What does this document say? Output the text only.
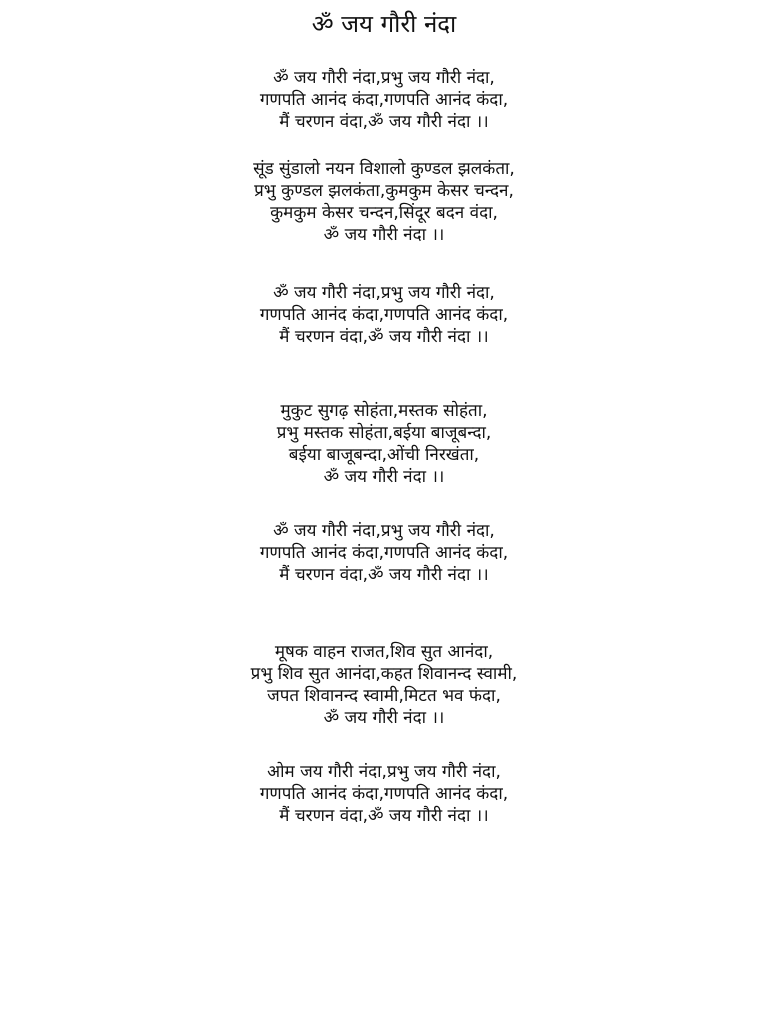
ॐ जय गौरी नंदा
ॐ जय गौरी नंदा,प्रभु जय गौरी नंदा,
गणपति आनंद कंदा,गणपति आनंद कंदा,
मैं चरणन वंदा,ॐ जय गौरी नंदा ।।
सूंड सुंडालो नयन विशालो कुण्डल झलकंता,
प्रभु कुण्डल झलकंता,कुमकुम केसर चन्दन,
कुमकुम केसर चन्दन,सिंदूर बदन वंदा,
ॐ जय गौरी नंदा ।।
ॐ जय गौरी नंदा,प्रभु जय गौरी नंदा,
गणपति आनंद कंदा,गणपति आनंद कंदा,
मैं चरणन वंदा,ॐ जय गौरी नंदा ।।
मुकुट सुगढ़ सोहंता,मस्तक सोहंता,
प्रभु मस्तक सोहंता,बईया बाजूबन्दा,
बईया बाजूबन्दा,ओंची निरखंता,
ॐ जय गौरी नंदा ।।
ॐ जय गौरी नंदा,प्रभु जय गौरी नंदा,
गणपति आनंद कंदा,गणपति आनंद कंदा,
मैं चरणन वंदा,ॐ जय गौरी नंदा ।।
मूषक वाहन राजत,शिव सुत आनंदा,
प्रभु शिव सुत आनंदा,कहत शिवानन्द स्वामी,
जपत शिवानन्द स्वामी,मिटत भव फंदा,
ॐ जय गौरी नंदा ।।
ओम जय गौरी नंदा,प्रभु जय गौरी नंदा,
गणपति आनंद कंदा,गणपति आनंद कंदा,
मैं चरणन वंदा,ॐ जय गौरी नंदा ।।
